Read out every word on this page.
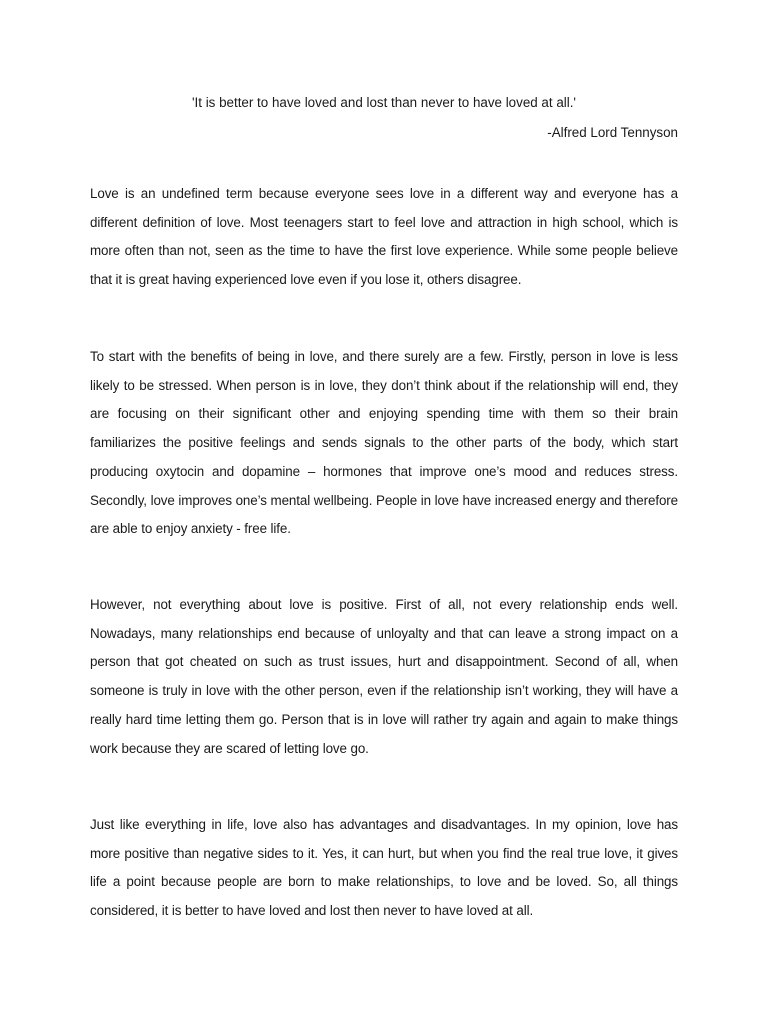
'It is better to have loved and lost than never to have loved at all.'

-Alfred Lord Tennyson

Love is an undefined term because everyone sees love in a different way and everyone has a different definition of love. Most teenagers start to feel love and attraction in high school, which is more often than not, seen as the time to have the first love experience. While some people believe that it is great having experienced love even if you lose it, others disagree.

To start with the benefits of being in love, and there surely are a few. Firstly, person in love is less likely to be stressed. When person is in love, they don’t think about if the relationship will end, they are focusing on their significant other and enjoying spending time with them so their brain familiarizes the positive feelings and sends signals to the other parts of the body, which start producing oxytocin and dopamine – hormones that improve one’s mood and reduces stress. Secondly, love improves one’s mental wellbeing. People in love have increased energy and therefore are able to enjoy anxiety - free life.

However, not everything about love is positive. First of all, not every relationship ends well. Nowadays, many relationships end because of unloyalty and that can leave a strong impact on a person that got cheated on such as trust issues, hurt and disappointment. Second of all, when someone is truly in love with the other person, even if the relationship isn’t working, they will have a really hard time letting them go. Person that is in love will rather try again and again to make things work because they are scared of letting love go.

Just like everything in life, love also has advantages and disadvantages. In my opinion, love has more positive than negative sides to it. Yes, it can hurt, but when you find the real true love, it gives life a point because people are born to make relationships, to love and be loved. So, all things considered, it is better to have loved and lost then never to have loved at all.
